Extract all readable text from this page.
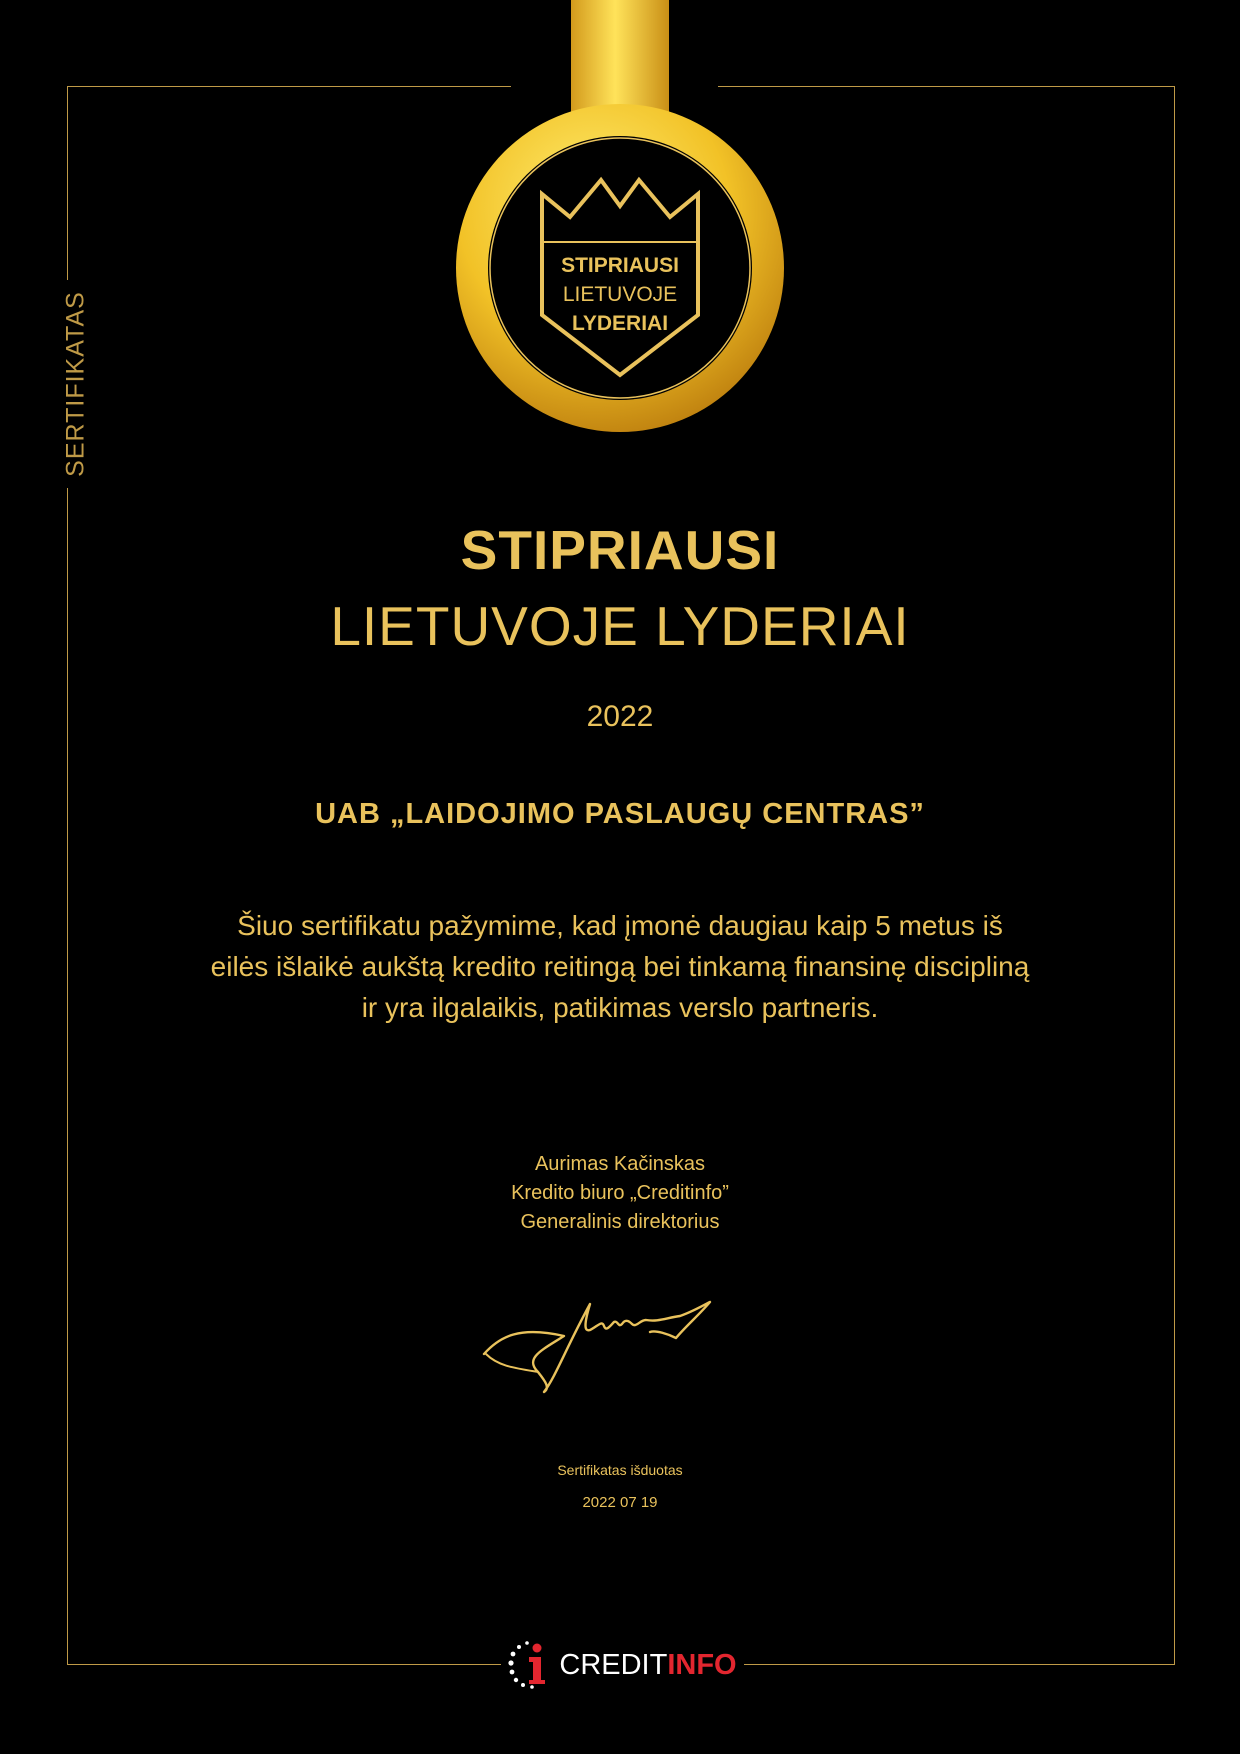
SERTIFIKATAS
STIPRIAUSI
LIETUVOJE
LYDERIAI
STIPRIAUSI
LIETUVOJE LYDERIAI
2022
UAB „LAIDOJIMO PASLAUGŲ CENTRAS”
Šiuo sertifikatu pažymime, kad įmonė daugiau kaip 5 metus iš
eilės išlaikė aukštą kredito reitingą bei tinkamą finansinę discipliną
ir yra ilgalaikis, patikimas verslo partneris.
Aurimas Kačinskas
Kredito biuro „Creditinfo”
Generalinis direktorius
Sertifikatas išduotas
2022 07 19
CREDITINFO
